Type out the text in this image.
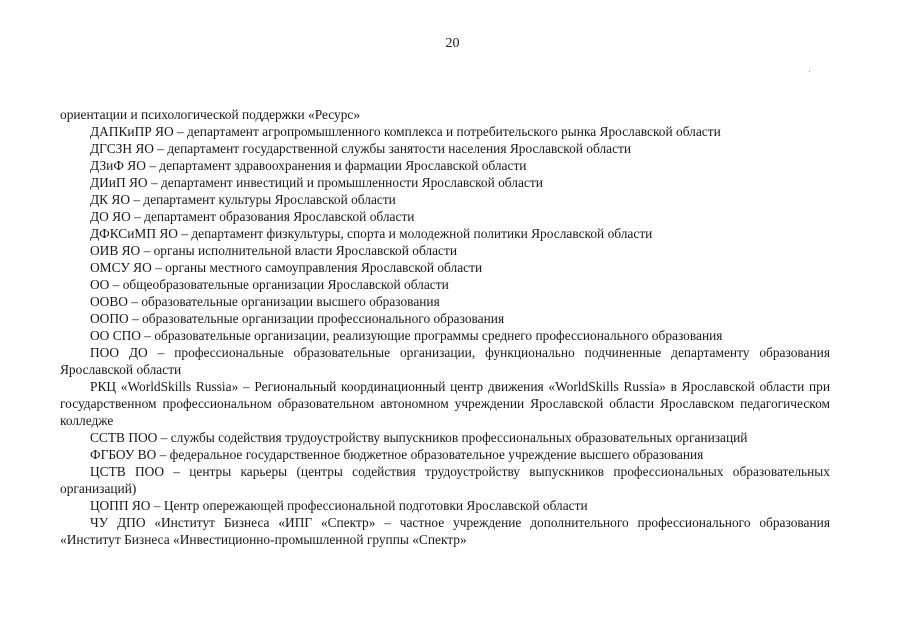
20

ориентации и психологической поддержки «Ресурс»

ДАПКиПР ЯО – департамент агропромышленного комплекса и потребительского рынка Ярославской области

ДГСЗН ЯО – департамент государственной службы занятости населения Ярославской области

ДЗиФ ЯО – департамент здравоохранения и фармации Ярославской области

ДИиП ЯО – департамент инвестиций и промышленности Ярославской области

ДК ЯО – департамент культуры Ярославской области

ДО ЯО – департамент образования Ярославской области

ДФКСиМП ЯО – департамент физкультуры, спорта и молодежной политики Ярославской области

ОИВ ЯО – органы исполнительной власти Ярославской области

ОМСУ ЯО – органы местного самоуправления Ярославской области

ОО – общеобразовательные организации Ярославской области

ООВО – образовательные организации высшего образования

ООПО – образовательные организации профессионального образования

ОО СПО – образовательные организации, реализующие программы среднего профессионального образования

ПОО ДО – профессиональные образовательные организации, функционально подчиненные департаменту образования Ярославской области

РКЦ «WorldSkills Russia» – Региональный координационный центр движения «WorldSkills Russia» в Ярославской области при государственном профессиональном образовательном автономном учреждении Ярославской области Ярославском педагогическом колледже

ССТВ ПОО – службы содействия трудоустройству выпускников профессиональных образовательных организаций

ФГБОУ ВО – федеральное государственное бюджетное образовательное учреждение высшего образования

ЦСТВ ПОО – центры карьеры (центры содействия трудоустройству выпускников профессиональных образовательных организаций)

ЦОПП ЯО – Центр опережающей профессиональной подготовки Ярославской области

ЧУ ДПО «Институт Бизнеса «ИПГ «Спектр» – частное учреждение дополнительного профессионального образования «Институт Бизнеса «Инвестиционно-промышленной группы «Спектр»
